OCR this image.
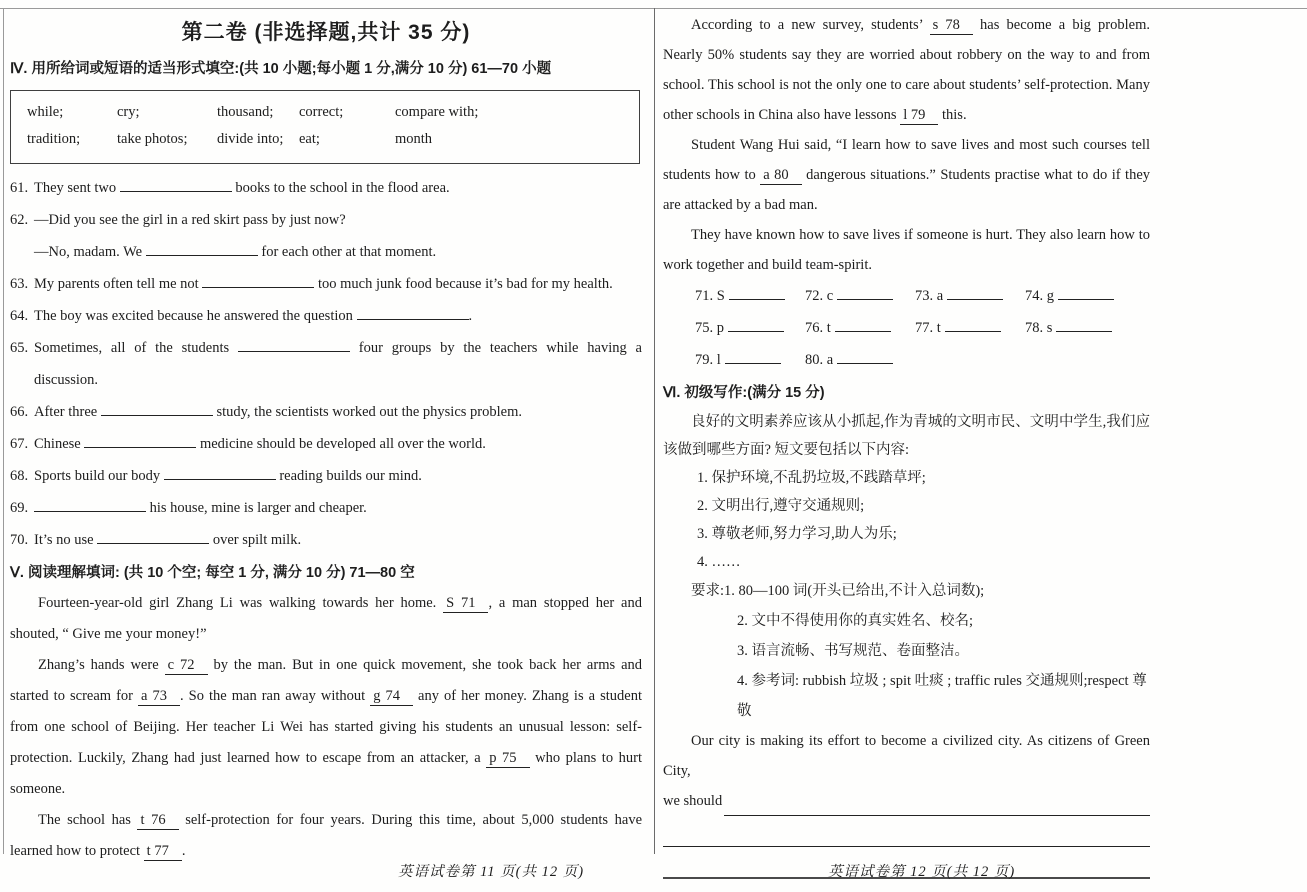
第二卷 (非选择题,共计 35 分)
Ⅳ. 用所给词或短语的适当形式填空:(共 10 小题;每小题 1 分,满分 10 分) 61—70 小题
while;	cry;	thousand;	correct;	compare with;
tradition;	take photos;	divide into;	eat;	month
61. They sent two	books to the school in the flood area.
62. —Did you see the girl in a red skirt pass by just now?
—No, madam. We	for each other at that moment.
63. My parents often tell me not	too much junk food because it’s bad for my health.
64. The boy was excited because he answered the question	.
65. Sometimes, all of the students	four groups by the teachers while having a discussion.
66. After three	study, the scientists worked out the physics problem.
67. Chinese	medicine should be developed all over the world.
68. Sports build our body	reading builds our mind.
69.	his house, mine is larger and cheaper.
70. It’s no use	over spilt milk.
Ⅴ. 阅读理解填词: (共 10 个空; 每空 1 分, 满分 10 分) 71—80 空

Fourteen-year-old girl Zhang Li was walking towards her home. S 71 , a man stopped her and shouted, “ Give me your money!”

Zhang’s hands were c 72 by the man. But in one quick movement, she took back her arms and started to scream for a 73 . So the man ran away without g 74 any of her money. Zhang is a student from one school of Beijing. Her teacher Li Wei has started giving his students an unusual lesson: self-protection. Luckily, Zhang had just learned how to escape from an attacker, a p 75 who plans to hurt someone.

The school has t 76 self-protection for four years. During this time, about 5,000 students have learned how to protect t 77 .

According to a new survey, students’ s 78 has become a big problem. Nearly 50% students say they are worried about robbery on the way to and from school. This school is not the only one to care about students’ self-protection. Many other schools in China also have lessons l 79 this.

Student Wang Hui said, “I learn how to save lives and most such courses tell students how to a 80 dangerous situations.” Students practise what to do if they are attacked by a bad man.

They have known how to save lives if someone is hurt. They also learn how to work together and build team-spirit.

71. S	72. c	73. a	74. g
75. p	76. t	77. t	78. s
79. l	80. a
Ⅵ. 初级写作:(满分 15 分)

良好的文明素养应该从小抓起,作为青城的文明市民、文明中学生,我们应该做到哪些方面? 短文要包括以下内容:

1. 保护环境,不乱扔垃圾,不践踏草坪;
2. 文明出行,遵守交通规则;
3. 尊敬老师,努力学习,助人为乐;
4. ……
要求:1. 80—100 词(开头已给出,不计入总词数);
2. 文中不得使用你的真实姓名、校名;
3. 语言流畅、书写规范、卷面整洁。
4. 参考词: rubbish 垃圾 ; spit 吐痰 ; traffic rules 交通规则;respect 尊敬

Our city is making its effort to become a civilized city. As citizens of Green City,

we should
英语试卷第 11 页(共 12 页)	英语试卷第 12 页(共 12 页)
